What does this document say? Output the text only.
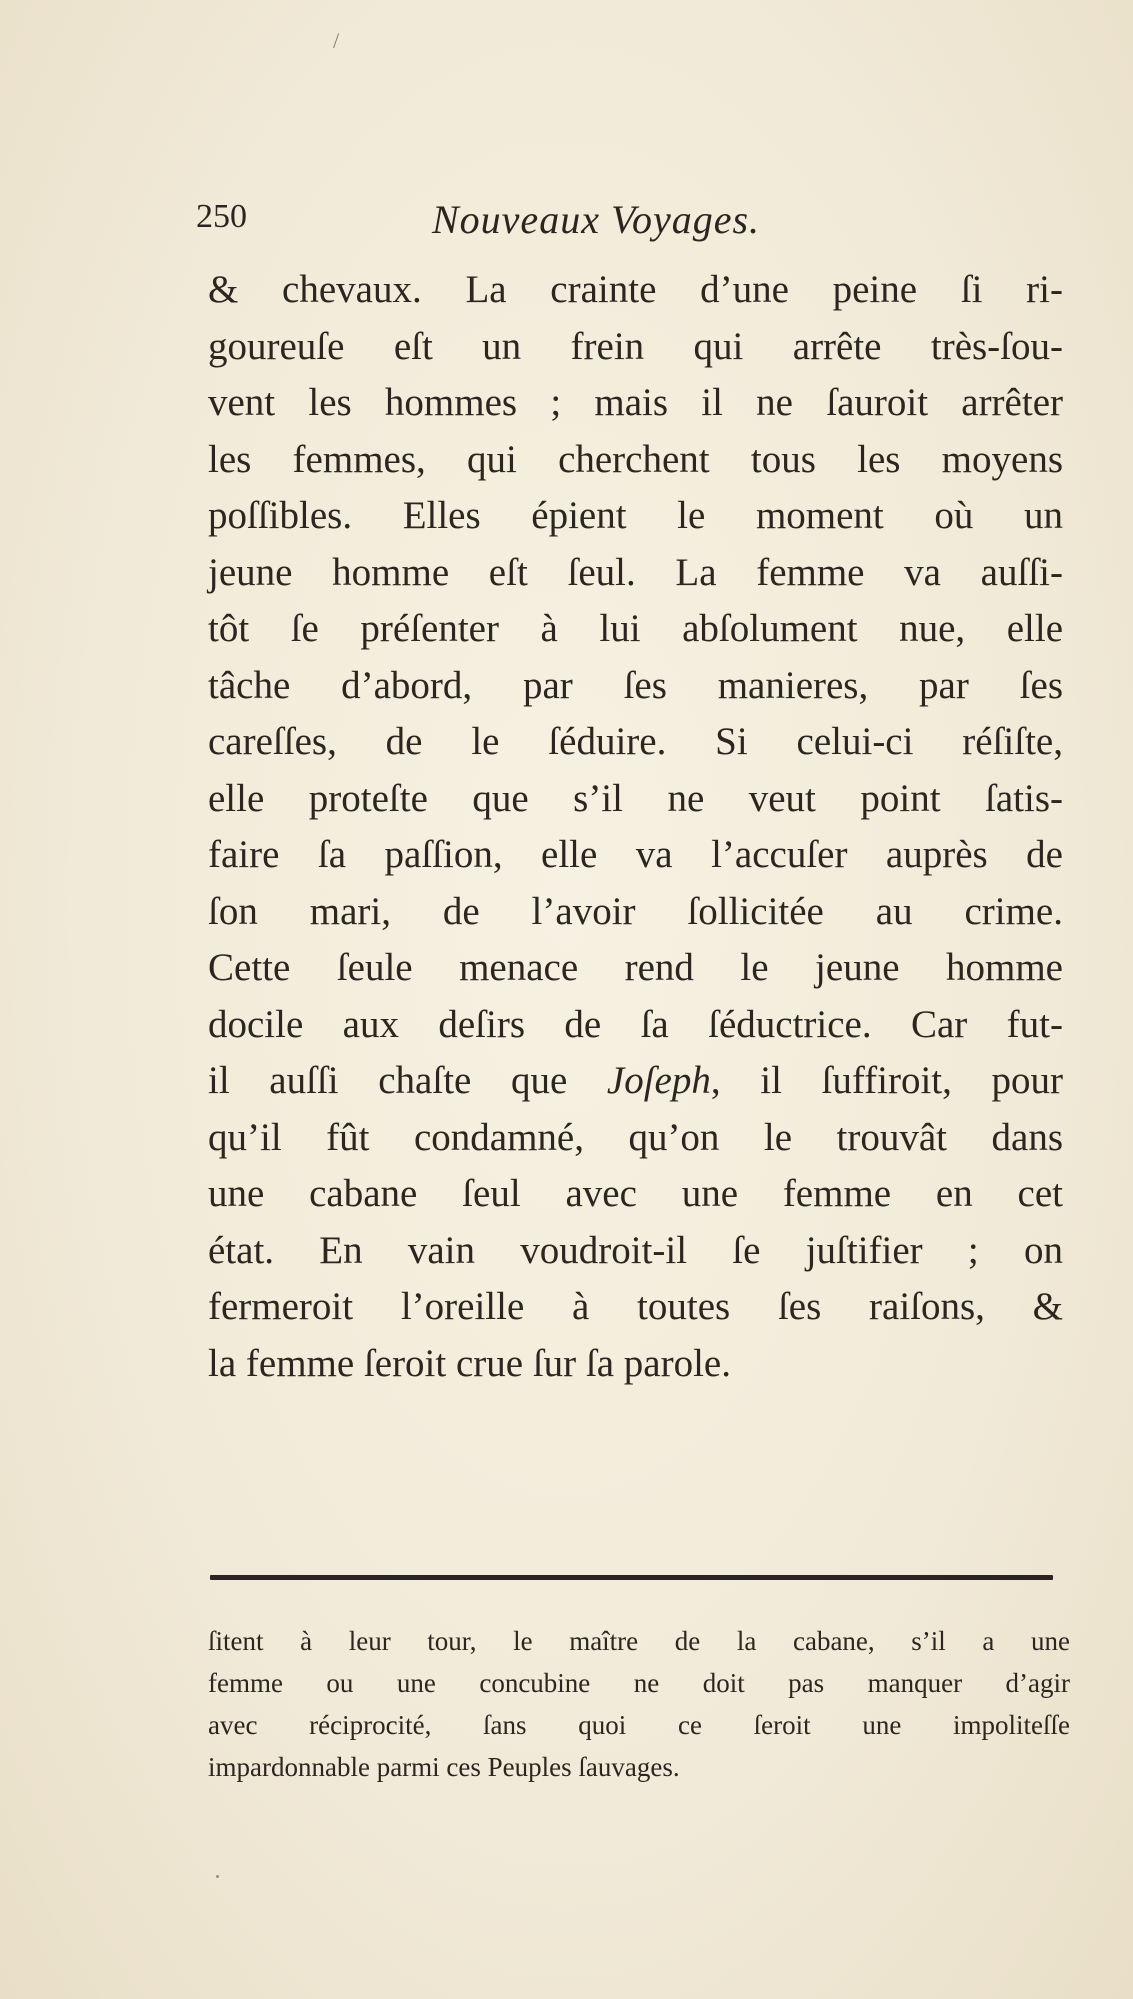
/
250	Nouveaux Voyages.
& chevaux. La crainte d’une peine ſi ri-
goureuſe eſt un frein qui arrête très-ſou-
vent les hommes ; mais il ne ſauroit arrêter
les femmes, qui cherchent tous les moyens
poſſibles. Elles épient le moment où un
jeune homme eſt ſeul. La femme va auſſi-
tôt ſe préſenter à lui abſolument nue, elle
tâche d’abord, par ſes manieres, par ſes
careſſes, de le ſéduire. Si celui-ci réſiſte,
elle proteſte que s’il ne veut point ſatis-
faire ſa paſſion, elle va l’accuſer auprès de
ſon mari, de l’avoir ſollicitée au crime.
Cette ſeule menace rend le jeune homme
docile aux deſirs de ſa ſéductrice. Car fut-
il auſſi chaſte que Joſeph, il ſuffiroit, pour
qu’il fût condamné, qu’on le trouvât dans
une cabane ſeul avec une femme en cet
état. En vain voudroit-il ſe juſtifier ; on
fermeroit l’oreille à toutes ſes raiſons, &
la femme ſeroit crue ſur ſa parole.
ſitent à leur tour, le maître de la cabane, s’il a une
femme ou une concubine ne doit pas manquer d’agir
avec réciprocité, ſans quoi ce ſeroit une impoliteſſe
impardonnable parmi ces Peuples ſauvages.
